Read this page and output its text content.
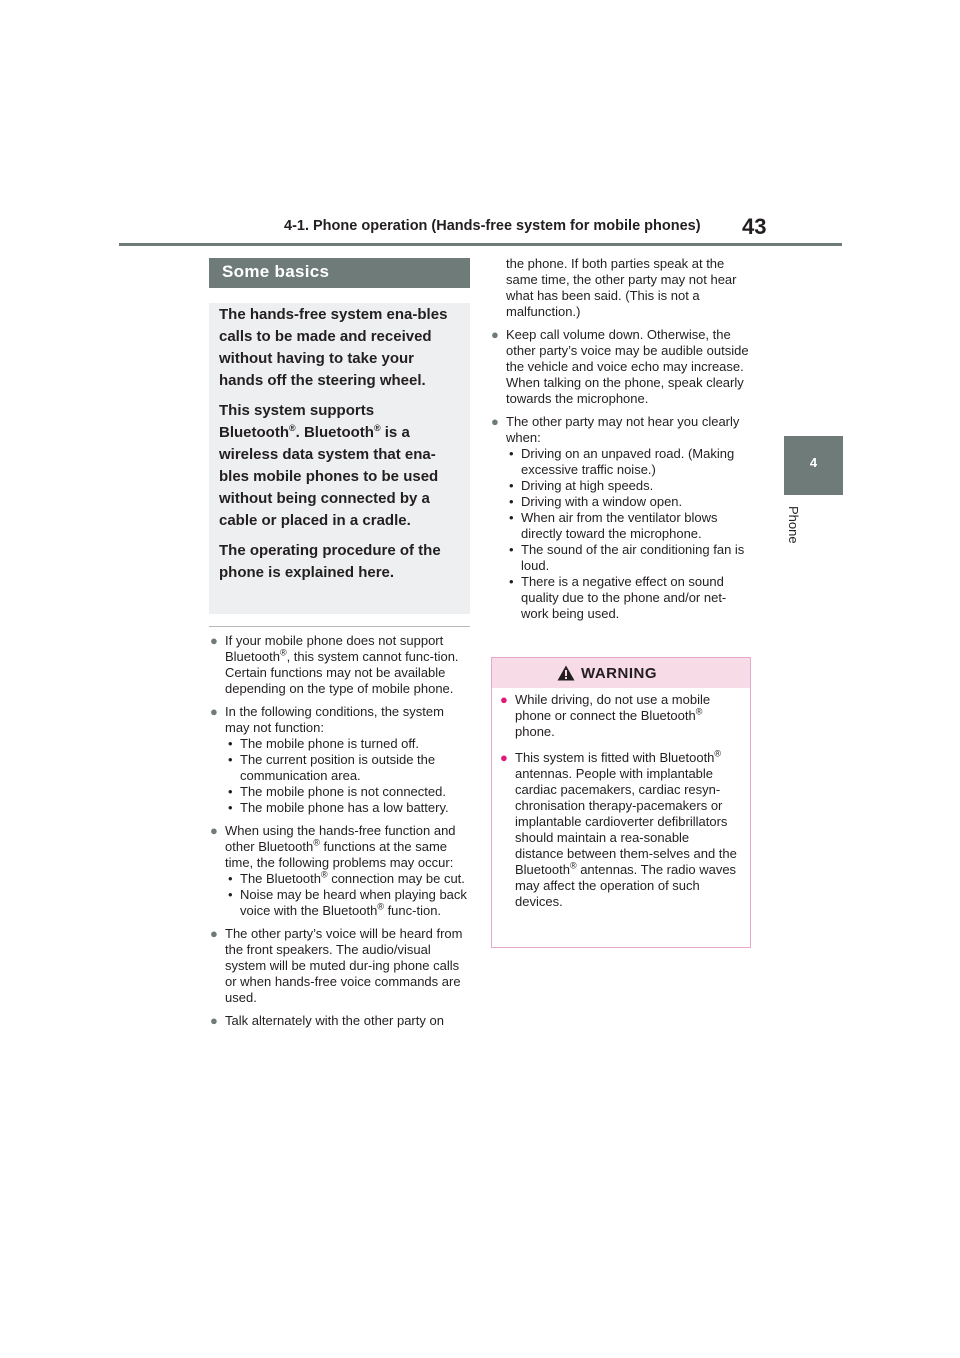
4-1. Phone operation (Hands-free system for mobile phones) 43
4
Phone
Some basics

The hands-free system ena-bles calls to be made and received without having to take your hands off the steering wheel.

This system supports

Bluetooth®. Bluetooth® is a wireless data system that ena-bles mobile phones to be used without being connected by a cable or placed in a cradle.

The operating procedure of the phone is explained here.

● If your mobile phone does not support Bluetooth®, this system cannot func-tion. Certain functions may not be available depending on the type of mobile phone.
● In the following conditions, the system may not function:
• The mobile phone is turned off.
• The current position is outside the communication area.
• The mobile phone is not connected.
• The mobile phone has a low battery.
● When using the hands-free function and other Bluetooth® functions at the same time, the following problems may occur:
• The Bluetooth® connection may be cut.
• Noise may be heard when playing back voice with the Bluetooth® func-tion.
● The other party’s voice will be heard from the front speakers. The audio/visual system will be muted dur-ing phone calls or when hands-free voice commands are used.
● Talk alternately with the other party on
the phone. If both parties speak at the same time, the other party may not hear what has been said. (This is not a malfunction.)
● Keep call volume down. Otherwise, the other party’s voice may be audible outside the vehicle and voice echo may increase. When talking on the phone, speak clearly towards the microphone.
● The other party may not hear you clearly when:
• Driving on an unpaved road. (Making excessive traffic noise.)
• Driving at high speeds.
• Driving with a window open.
• When air from the ventilator blows directly toward the microphone.
• The sound of the air conditioning fan is loud.
• There is a negative effect on sound quality due to the phone and/or net-work being used.
WARNING
● While driving, do not use a mobile phone or connect the Bluetooth® phone.
● This system is fitted with Bluetooth® antennas. People with implantable cardiac pacemakers, cardiac resyn-chronisation therapy-pacemakers or implantable cardioverter defibrillators should maintain a rea-sonable distance between them-selves and the Bluetooth® antennas. The radio waves may affect the operation of such devices.
